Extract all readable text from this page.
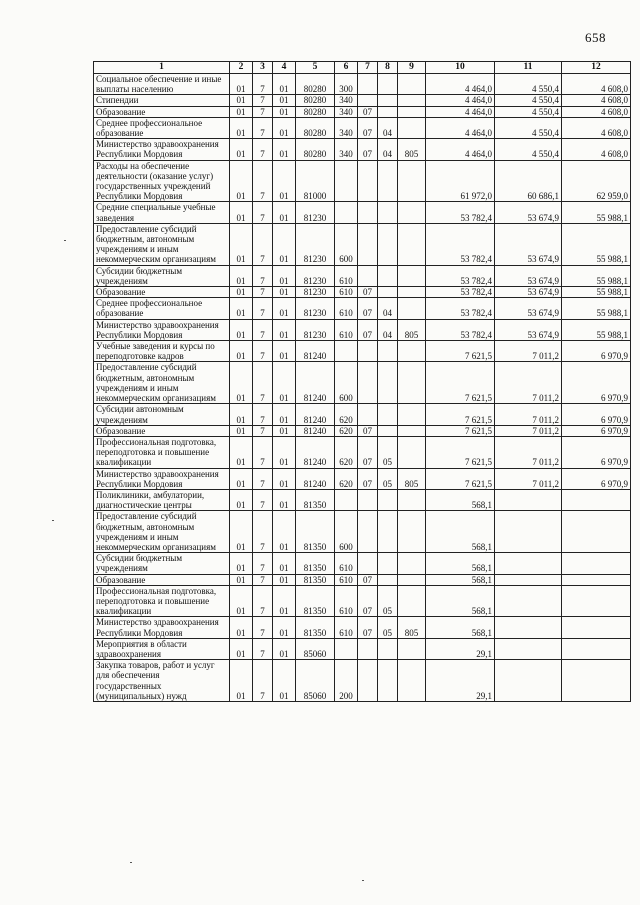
658
1	2	3	4	5	6	7	8	9	10	11	12
Социальное обеспечение и иные выплаты населению	01	7	01	80280	300				4 464,0	4 550,4	4 608,0
Стипендии	01	7	01	80280	340				4 464,0	4 550,4	4 608,0
Образование	01	7	01	80280	340	07			4 464,0	4 550,4	4 608,0
Среднее профессиональное образование	01	7	01	80280	340	07	04		4 464,0	4 550,4	4 608,0
Министерство здравоохранения Республики Мордовия	01	7	01	80280	340	07	04	805	4 464,0	4 550,4	4 608,0
Расходы на обеспечение деятельности (оказание услуг) государственных учреждений Республики Мордовия	01	7	01	81000					61 972,0	60 686,1	62 959,0
Средние специальные учебные заведения	01	7	01	81230					53 782,4	53 674,9	55 988,1
Предоставление субсидий бюджетным, автономным учреждениям и иным некоммерческим организациям	01	7	01	81230	600				53 782,4	53 674,9	55 988,1
Субсидии бюджетным учреждениям	01	7	01	81230	610				53 782,4	53 674,9	55 988,1
Образование	01	7	01	81230	610	07			53 782,4	53 674,9	55 988,1
Среднее профессиональное образование	01	7	01	81230	610	07	04		53 782,4	53 674,9	55 988,1
Министерство здравоохранения Республики Мордовия	01	7	01	81230	610	07	04	805	53 782,4	53 674,9	55 988,1
Учебные заведения и курсы по переподготовке кадров	01	7	01	81240					7 621,5	7 011,2	6 970,9
Предоставление субсидий бюджетным, автономным учреждениям и иным некоммерческим организациям	01	7	01	81240	600				7 621,5	7 011,2	6 970,9
Субсидии автономным учреждениям	01	7	01	81240	620				7 621,5	7 011,2	6 970,9
Образование	01	7	01	81240	620	07			7 621,5	7 011,2	6 970,9
Профессиональная подготовка, переподготовка и повышение квалификации	01	7	01	81240	620	07	05		7 621,5	7 011,2	6 970,9
Министерство здравоохранения Республики Мордовия	01	7	01	81240	620	07	05	805	7 621,5	7 011,2	6 970,9
Поликлиники, амбулатории, диагностические центры	01	7	01	81350					568,1		
Предоставление субсидий бюджетным, автономным учреждениям и иным некоммерческим организациям	01	7	01	81350	600				568,1		
Субсидии бюджетным учреждениям	01	7	01	81350	610				568,1		
Образование	01	7	01	81350	610	07			568,1		
Профессиональная подготовка, переподготовка и повышение квалификации	01	7	01	81350	610	07	05		568,1		
Министерство здравоохранения Республики Мордовия	01	7	01	81350	610	07	05	805	568,1		
Мероприятия в области здравоохранения	01	7	01	85060					29,1		
Закупка товаров, работ и услуг для обеспечения государственных (муниципальных) нужд	01	7	01	85060	200				29,1		
